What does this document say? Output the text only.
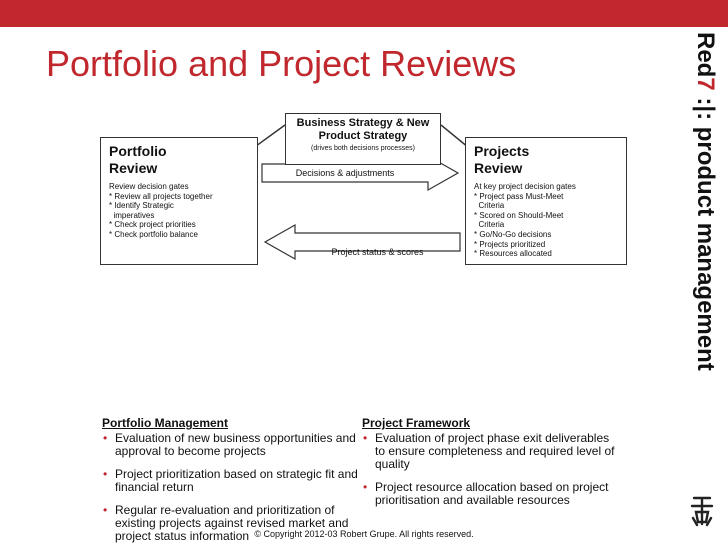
Portfolio and Project Reviews	Red7 :|: product management
Decisions & adjustments
Project status & scores
Business Strategy & New Product Strategy
(drives both decisions processes)
Portfolio
Review
Review decision gates
* Review all projects together
* Identify Strategic
imperatives
* Check project priorities
* Check portfolio balance
Projects
Review
At key project decision gates
* Project pass Must-Meet
Criteria
* Scored on Should-Meet
Criteria
* Go/No-Go decisions
* Projects prioritized
* Resources allocated
Portfolio Management
• Evaluation of new business opportunities and approval to become projects
• Project prioritization based on strategic fit and financial return
• Regular re-evaluation and prioritization of existing projects against revised market and project status information
Project Framework
• Evaluation of project phase exit deliverables to ensure completeness and required level of quality
• Project resource allocation based on project prioritisation and available resources
© Copyright 2012-03 Robert Grupe. All rights reserved.
